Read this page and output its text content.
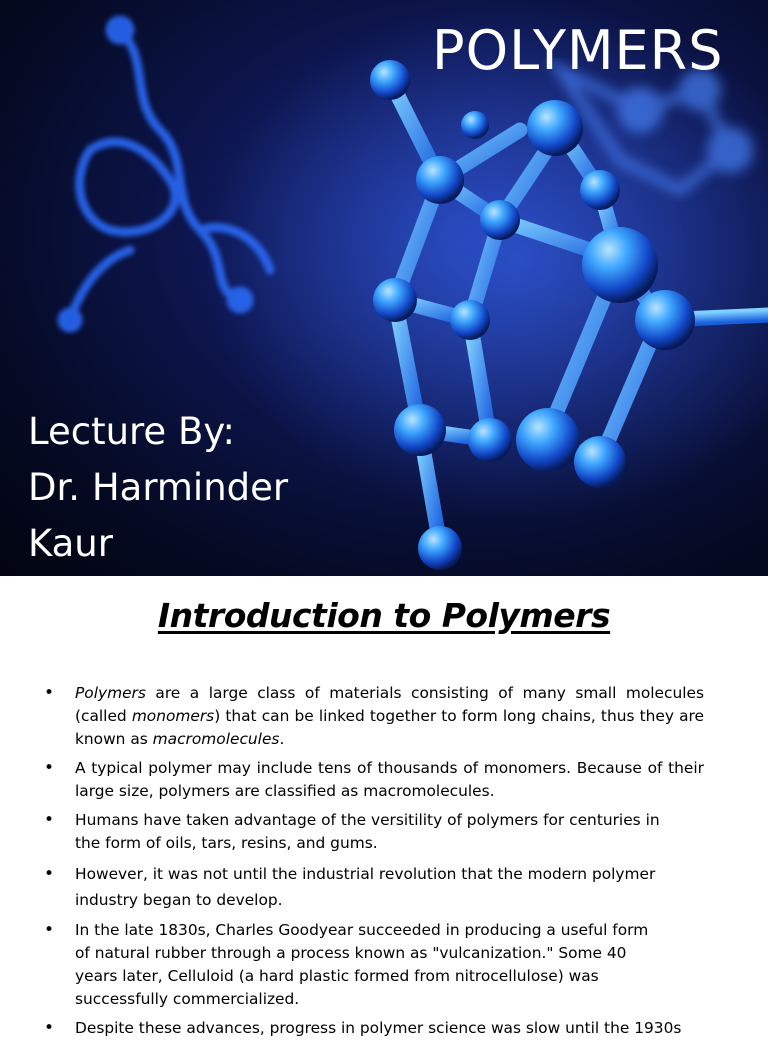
POLYMERS
Lecture By:
Dr. Harminder
Kaur
Introduction to Polymers
• Polymers are a large class of materials consisting of many small molecules (called monomers) that can be linked together to form long chains, thus they are known as macromolecules.
• A typical polymer may include tens of thousands of monomers. Because of their large size, polymers are classified as macromolecules.
• Humans have taken advantage of the versitility of polymers for centuries in the form of oils, tars, resins, and gums.
• However, it was not until the industrial revolution that the modern polymer industry began to develop.
• In the late 1830s, Charles Goodyear succeeded in producing a useful form of natural rubber through a process known as "vulcanization." Some 40 years later, Celluloid (a hard plastic formed from nitrocellulose) was successfully commercialized.
• Despite these advances, progress in polymer science was slow until the 1930s
